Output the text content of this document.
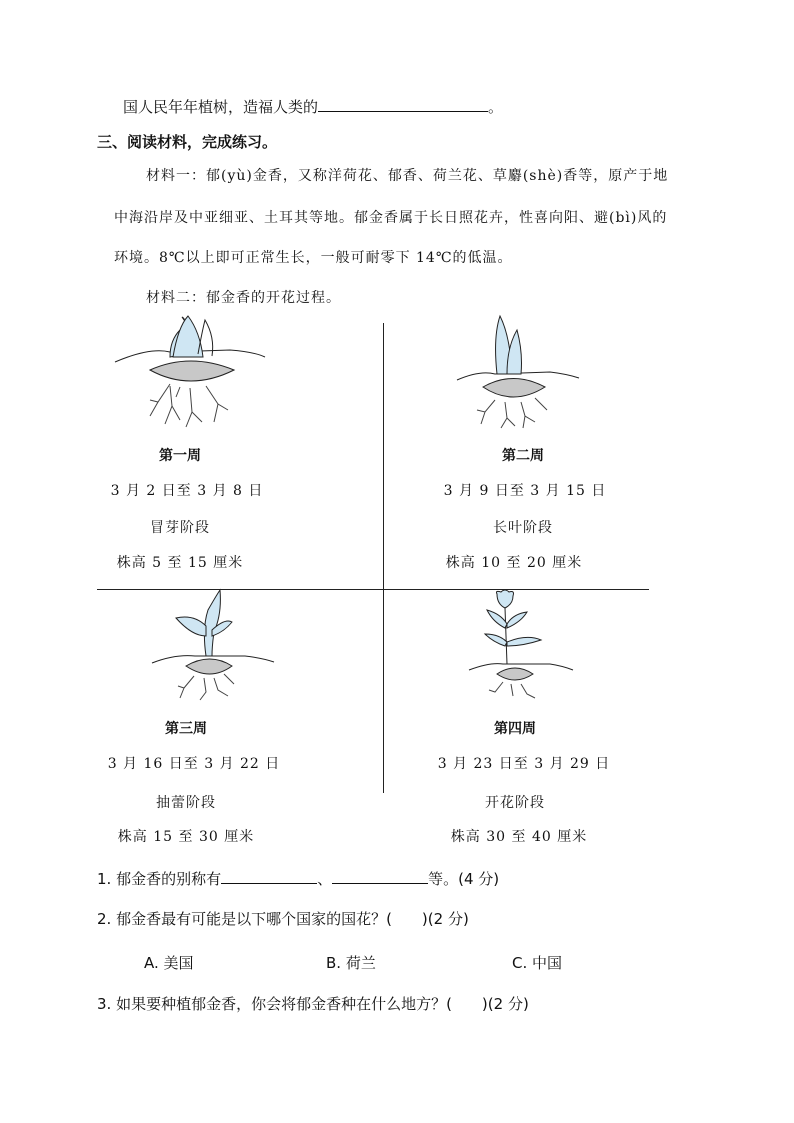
国人民年年植树，造福人类的	。
三、阅读材料，完成练习。
材料一：郁(yù)金香，又称洋荷花、郁香、荷兰花、草麝(shè)香等，原产于地
中海沿岸及中亚细亚、土耳其等地。郁金香属于长日照花卉，性喜向阳、避(bì)风的
环境。8℃以上即可正常生长，一般可耐零下 14℃的低温。
材料二：郁金香的开花过程。
第一周
3 月 2 日至 3 月 8 日
冒芽阶段
株高 5 至 15 厘米
第二周
3 月 9 日至 3 月 15 日
长叶阶段
株高 10 至 20 厘米
第三周
3 月 16 日至 3 月 22 日
抽蕾阶段
株高 15 至 30 厘米
第四周
3 月 23 日至 3 月 29 日
开花阶段
株高 30 至 40 厘米
1. 郁金香的别称有	、	等。(4 分)
2. 郁金香最有可能是以下哪个国家的国花？(　　)(2 分)
A. 美国	B. 荷兰	C. 中国
3. 如果要种植郁金香，你会将郁金香种在什么地方？(　　)(2 分)
